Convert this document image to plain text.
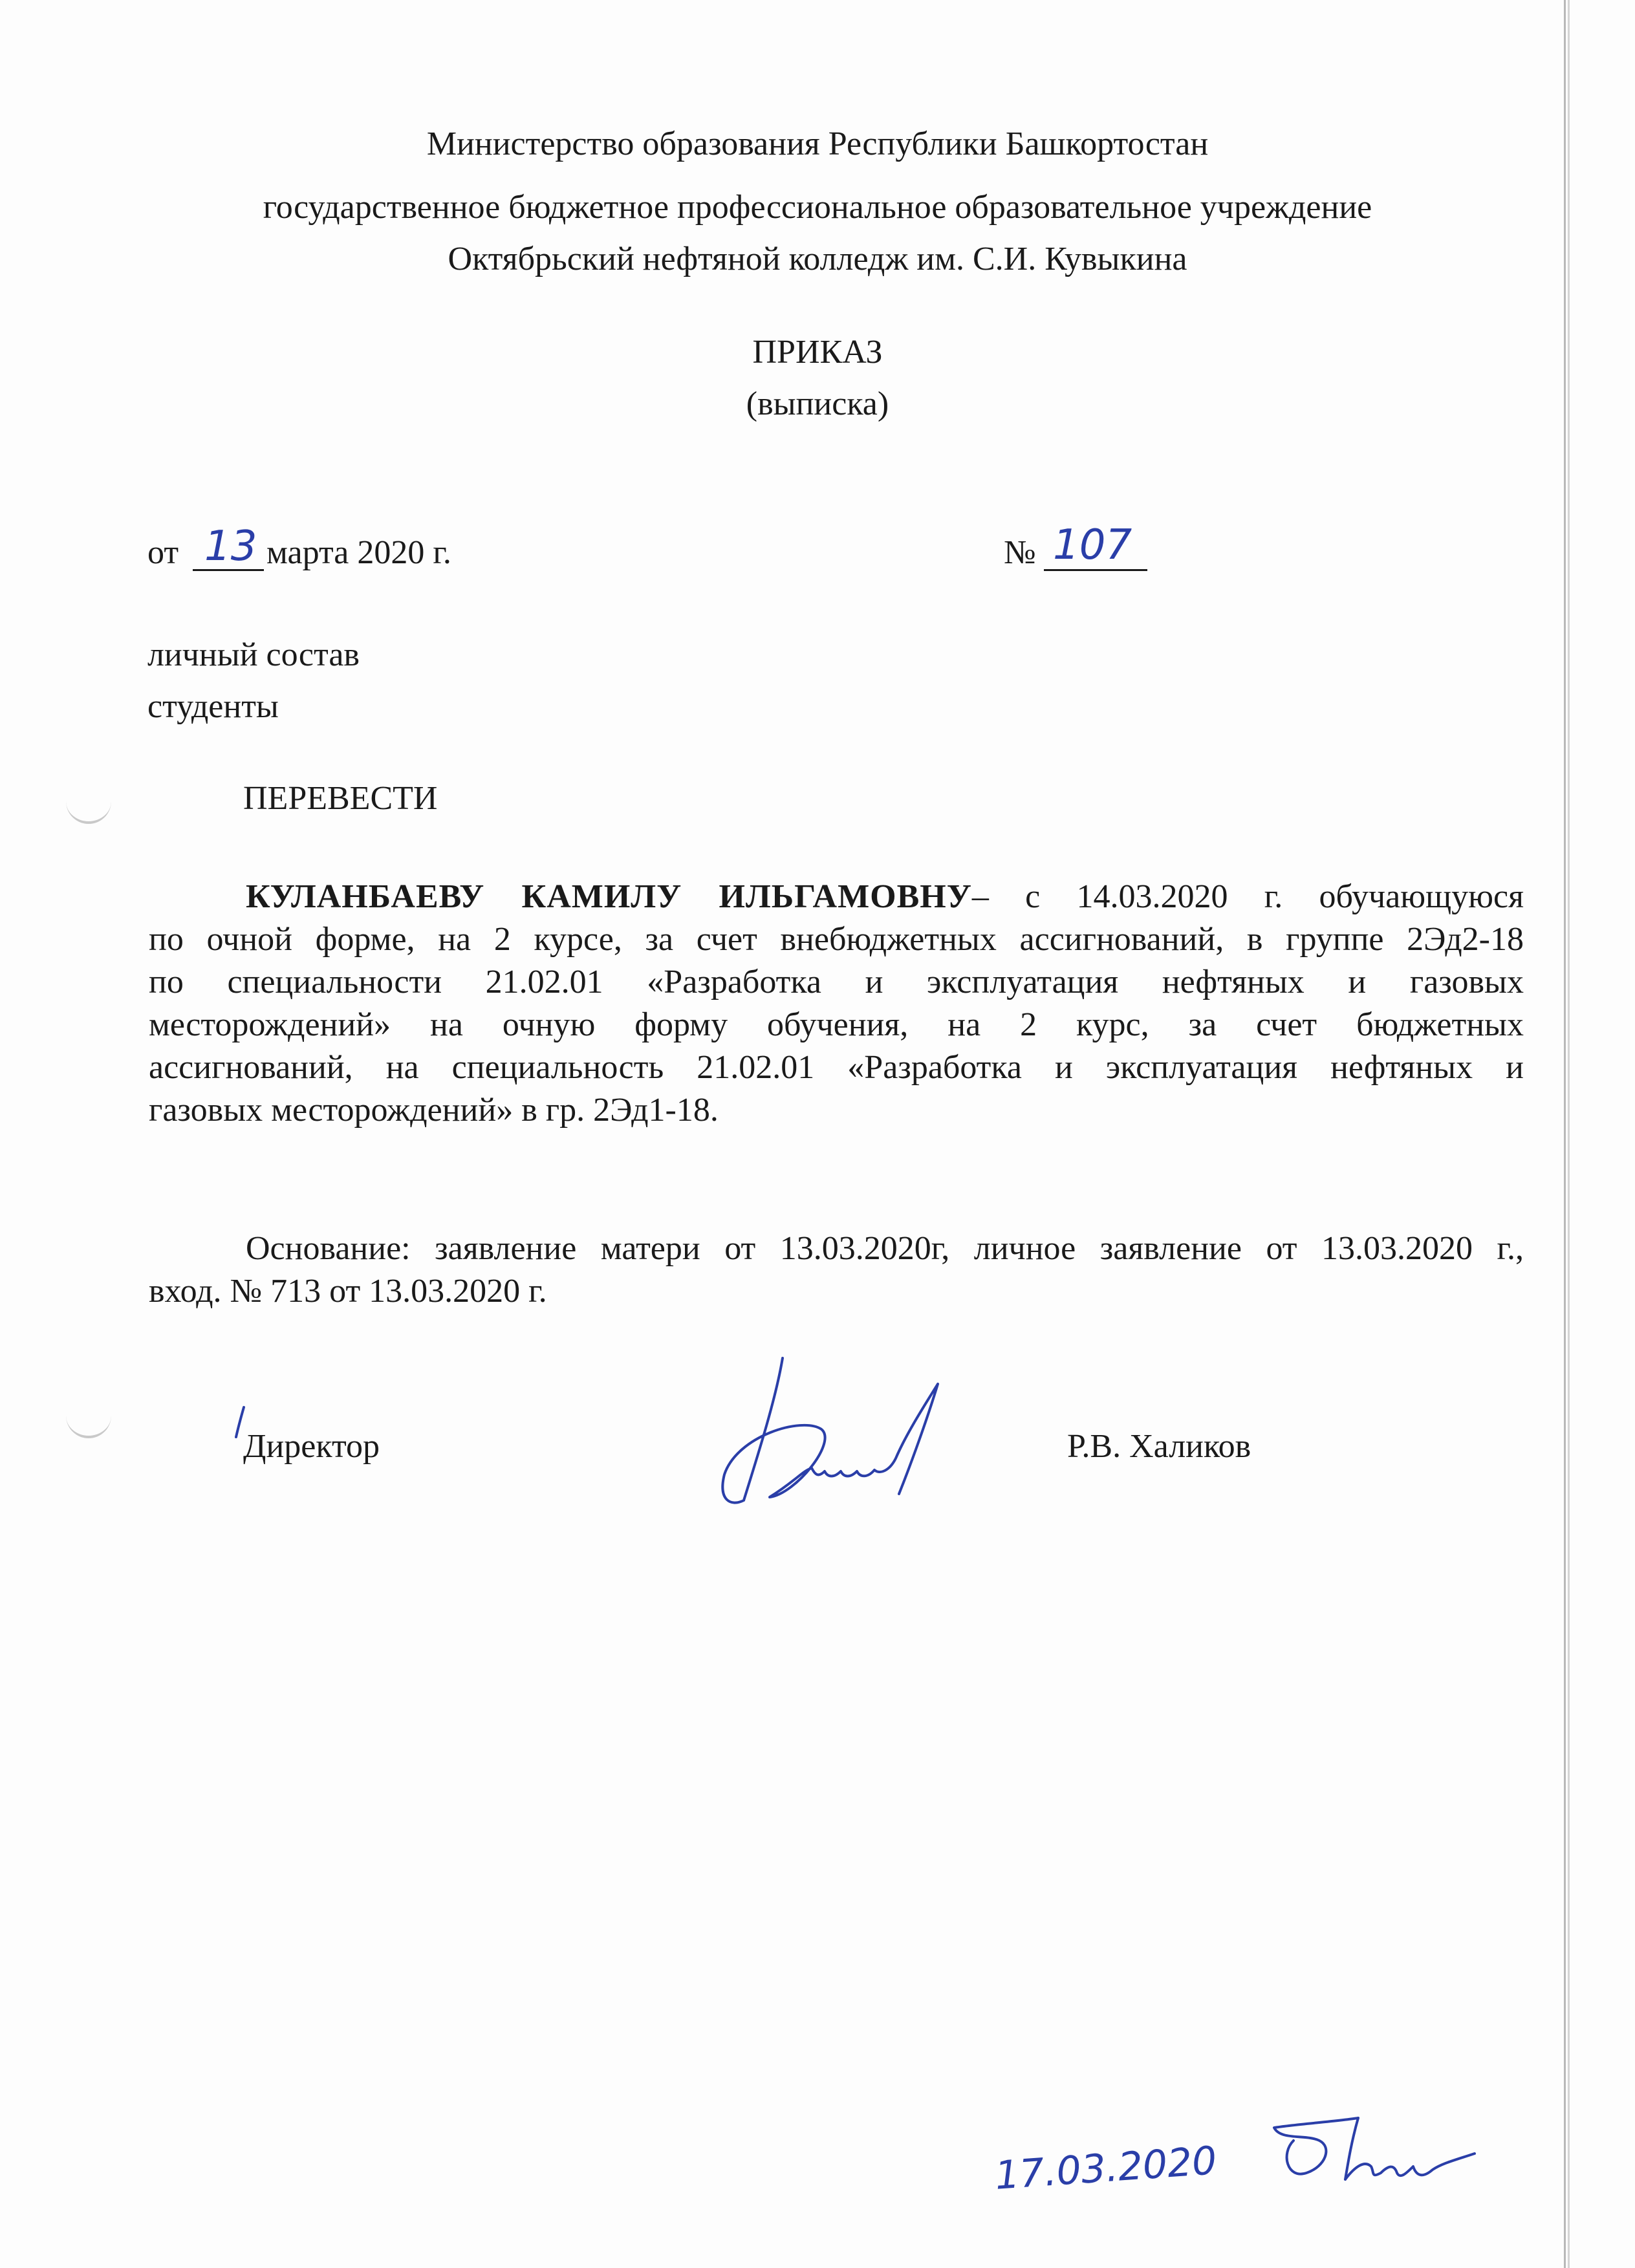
Министерство образования Республики Башкортостан
государственное бюджетное профессиональное образовательное учреждение
Октябрьский нефтяной колледж им. С.И. Кувыкина
ПРИКАЗ
(выписка)
от 13 марта 2020 г.	№ 107
личный состав
студенты
ПЕРЕВЕСТИ
КУЛАНБАЕВУ КАМИЛУ ИЛЬГАМОВНУ– с 14.03.2020 г. обучающуюся
по очной форме, на 2 курсе, за счет внебюджетных ассигнований, в группе 2Эд2-18
по специальности 21.02.01 «Разработка и эксплуатация нефтяных и газовых
месторождений» на очную форму обучения, на 2 курс, за счет бюджетных
ассигнований, на специальность 21.02.01 «Разработка и эксплуатация нефтяных и
газовых месторождений» в гр. 2Эд1-18.
Основание: заявление матери от 13.03.2020г, личное заявление от 13.03.2020 г.,
вход. № 713 от 13.03.2020 г.
Директор	Р.В. Халиков
17.03.2020
